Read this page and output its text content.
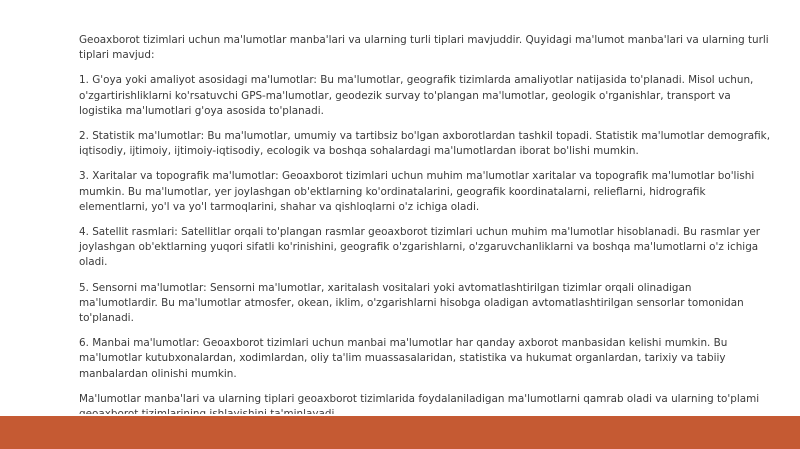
Geoaxborot tizimlari uchun ma'lumotlar manba'lari va ularning turli tiplari mavjuddir. Quyidagi ma'lumot manba'lari va ularning turli tiplari mavjud:

1. G'oya yoki amaliyot asosidagi ma'lumotlar: Bu ma'lumotlar, geografik tizimlarda amaliyotlar natijasida to'planadi. Misol uchun, o'zgartirishliklarni ko'rsatuvchi GPS-ma'lumotlar, geodezik survay to'plangan ma'lumotlar, geologik o'rganishlar, transport va logistika ma'lumotlari g'oya asosida to'planadi.

2. Statistik ma'lumotlar: Bu ma'lumotlar, umumiy va tartibsiz bo'lgan axborotlardan tashkil topadi. Statistik ma'lumotlar demografik, iqtisodiy, ijtimoiy, ijtimoiy-iqtisodiy, ecologik va boshqa sohalardagi ma'lumotlardan iborat bo'lishi mumkin.

3. Xaritalar va topografik ma'lumotlar: Geoaxborot tizimlari uchun muhim ma'lumotlar xaritalar va topografik ma'lumotlar bo'lishi mumkin. Bu ma'lumotlar, yer joylashgan ob'ektlarning ko'ordinatalarini, geografik koordinatalarni, relieflarni, hidrografik elementlarni, yo'l va yo'l tarmoqlarini, shahar va qishloqlarni o'z ichiga oladi.

4. Satellit rasmlari: Satellitlar orqali to'plangan rasmlar geoaxborot tizimlari uchun muhim ma'lumotlar hisoblanadi. Bu rasmlar yer joylashgan ob'ektlarning yuqori sifatli ko'rinishini, geografik o'zgarishlarni, o'zgaruvchanliklarni va boshqa ma'lumotlarni o'z ichiga oladi.

5. Sensorni ma'lumotlar: Sensorni ma'lumotlar, xaritalash vositalari yoki avtomatlashtirilgan tizimlar orqali olinadigan ma'lumotlardir. Bu ma'lumotlar atmosfer, okean, iklim, o'zgarishlarni hisobga oladigan avtomatlashtirilgan sensorlar tomonidan to'planadi.

6. Manbai ma'lumotlar: Geoaxborot tizimlari uchun manbai ma'lumotlar har qanday axborot manbasidan kelishi mumkin. Bu ma'lumotlar kutubxonalardan, xodimlardan, oliy ta'lim muassasalaridan, statistika va hukumat organlardan, tarixiy va tabiiy manbalardan olinishi mumkin.

Ma'lumotlar manba'lari va ularning tiplari geoaxborot tizimlarida foydalaniladigan ma'lumotlarni qamrab oladi va ularning to'plami
